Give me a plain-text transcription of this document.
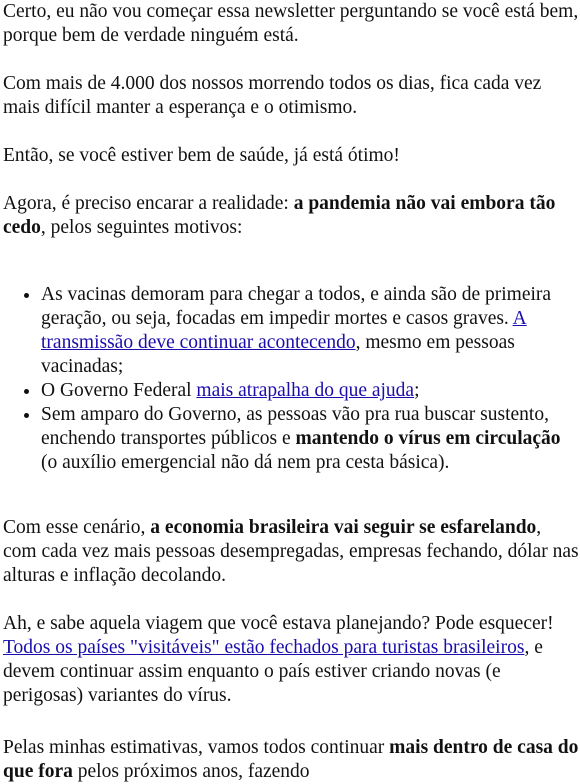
Certo, eu não vou começar essa newsletter perguntando se você está bem, porque bem de verdade ninguém está.

Com mais de 4.000 dos nossos morrendo todos os dias, fica cada vez mais difícil manter a esperança e o otimismo.

Então, se você estiver bem de saúde, já está ótimo!

Agora, é preciso encarar a realidade: a pandemia não vai embora tão cedo, pelos seguintes motivos:

• As vacinas demoram para chegar a todos, e ainda são de primeira geração, ou seja, focadas em impedir mortes e casos graves. A transmissão deve continuar acontecendo, mesmo em pessoas vacinadas;
• O Governo Federal mais atrapalha do que ajuda;
• Sem amparo do Governo, as pessoas vão pra rua buscar sustento, enchendo transportes públicos e mantendo o vírus em circulação (o auxílio emergencial não dá nem pra cesta básica).

Com esse cenário, a economia brasileira vai seguir se esfarelando, com cada vez mais pessoas desempregadas, empresas fechando, dólar nas alturas e inflação decolando.

Ah, e sabe aquela viagem que você estava planejando? Pode esquecer! Todos os países "visitáveis" estão fechados para turistas brasileiros, e devem continuar assim enquanto o país estiver criando novas (e perigosas) variantes do vírus.

Pelas minhas estimativas, vamos todos continuar mais dentro de casa do que fora pelos próximos anos, fazendo
